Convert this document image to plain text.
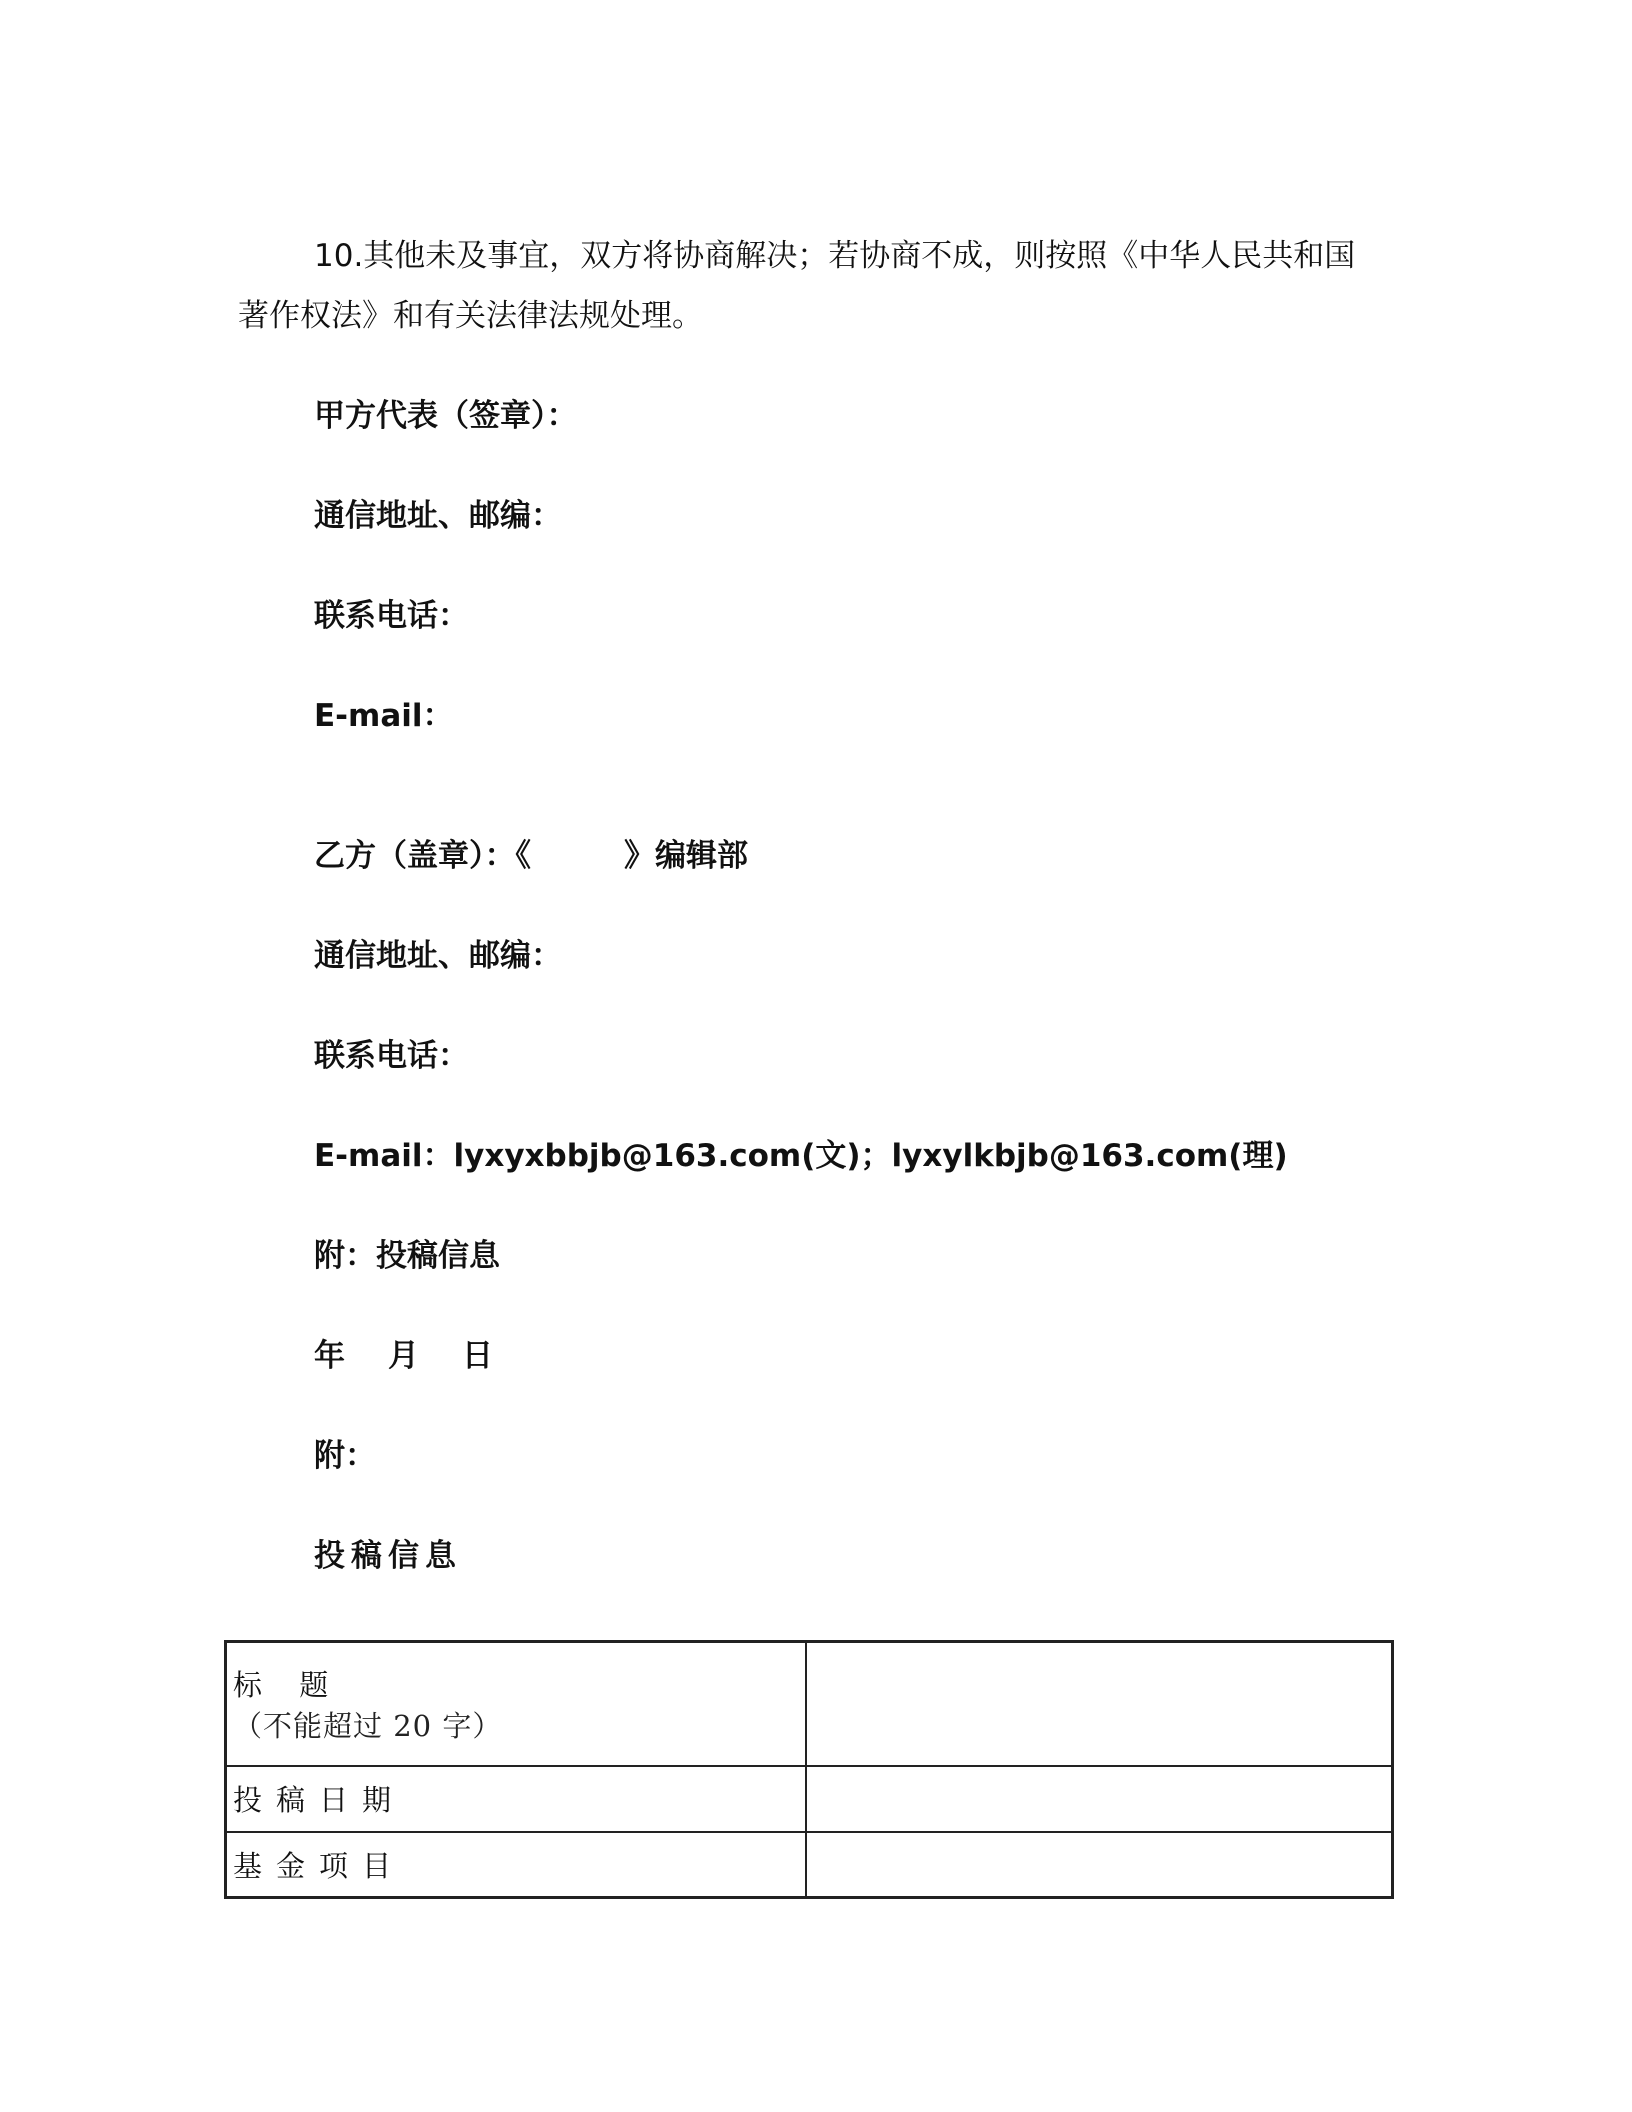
10.其他未及事宜，双方将协商解决；若协商不成，则按照《中华人民共和国

著作权法》和有关法律法规处理。

甲方代表（签章）：

通信地址、邮编：

联系电话：

E-mail：

乙方（盖章）：《　　　》编辑部

通信地址、邮编：

联系电话：

E-mail：lyxyxbbjb@163.com(文)；lyxylkbjb@163.com(理)

附：投稿信息

年　月　日

附：

投稿信息

标 题
（不能超过 20 字）	

投稿日期	
基金项目	
